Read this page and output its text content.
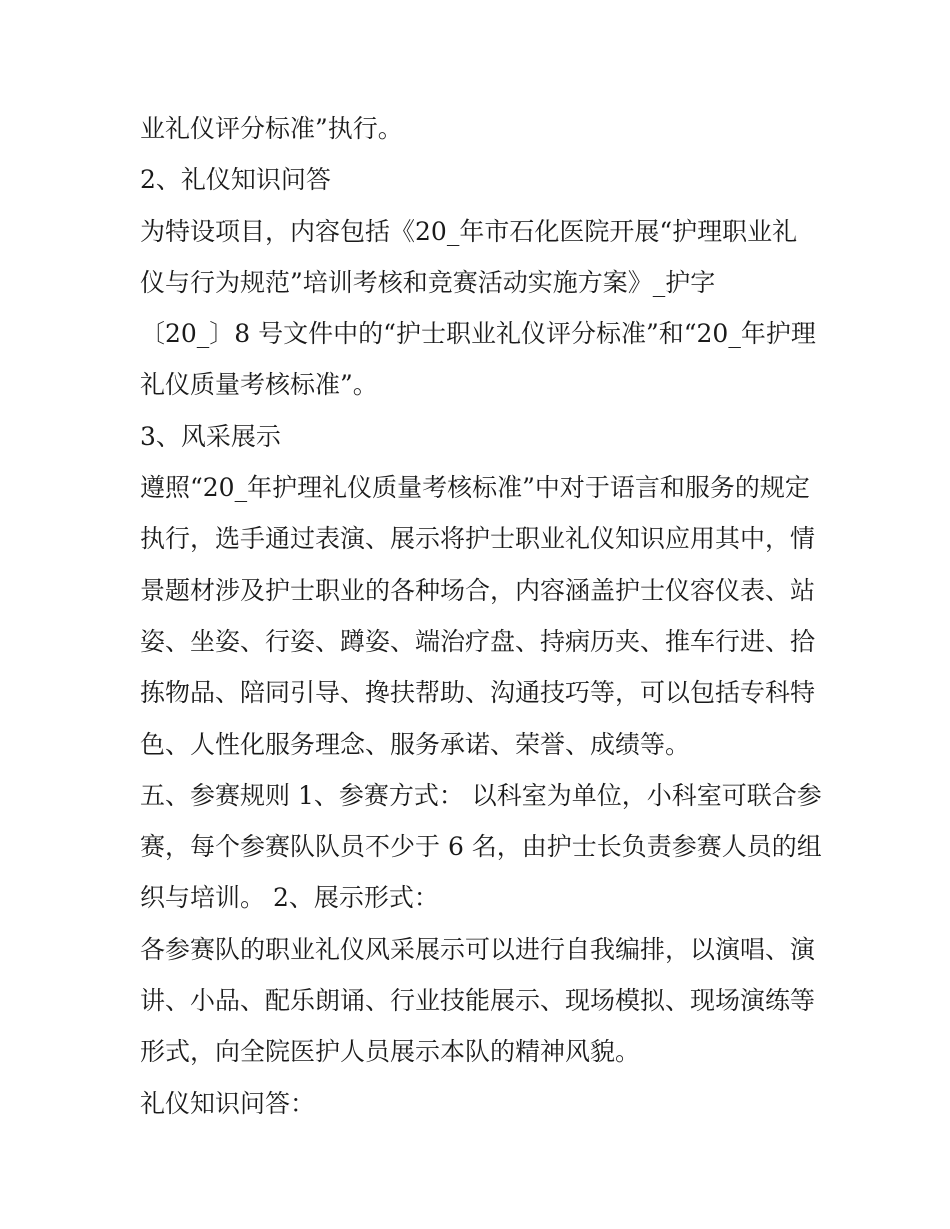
业礼仪评分标准”执行。
2、礼仪知识问答
为特设项目，内容包括《20_年市石化医院开展“护理职业礼
仪与行为规范”培训考核和竞赛活动实施方案》_护字
〔20_〕8 号文件中的“护士职业礼仪评分标准”和“20_年护理
礼仪质量考核标准”。
3、风采展示
遵照“20_年护理礼仪质量考核标准”中对于语言和服务的规定
执行，选手通过表演、展示将护士职业礼仪知识应用其中，情
景题材涉及护士职业的各种场合，内容涵盖护士仪容仪表、站
姿、坐姿、行姿、蹲姿、端治疗盘、持病历夹、推车行进、拾
拣物品、陪同引导、搀扶帮助、沟通技巧等，可以包括专科特
色、人性化服务理念、服务承诺、荣誉、成绩等。
五、参赛规则 1、参赛方式： 以科室为单位，小科室可联合参
赛，每个参赛队队员不少于 6 名，由护士长负责参赛人员的组
织与培训。 2、展示形式：
各参赛队的职业礼仪风采展示可以进行自我编排，以演唱、演
讲、小品、配乐朗诵、行业技能展示、现场模拟、现场演练等
形式，向全院医护人员展示本队的精神风貌。
礼仪知识问答：
